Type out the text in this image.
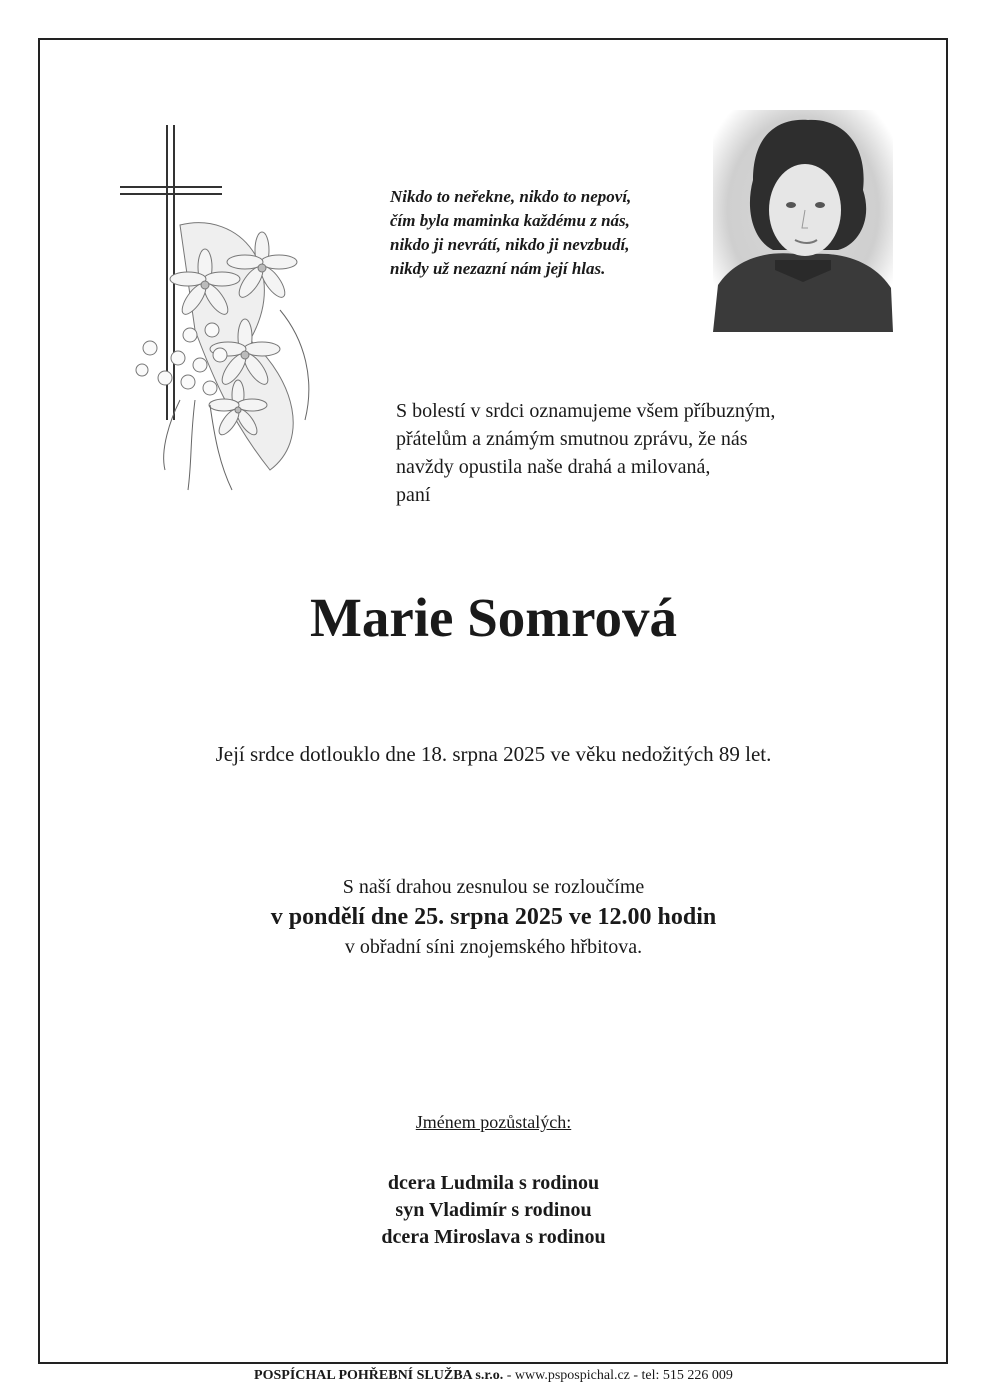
Nikdo to neřekne, nikdo to nepoví,
čím byla maminka každému z nás,
nikdo ji nevrátí, nikdo ji nevzbudí,
nikdy už nezazní nám její hlas.
S bolestí v srdci oznamujeme všem příbuzným,
přátelům a známým smutnou zprávu, že nás
navždy opustila naše drahá a milovaná,
paní
Marie Somrová
Její srdce dotlouklo dne 18. srpna 2025 ve věku nedožitých 89 let.
S naší drahou zesnulou se rozloučíme
v pondělí dne 25. srpna 2025 ve 12.00 hodin
v obřadní síni znojemského hřbitova.
Jménem pozůstalých:
dcera Ludmila s rodinou
syn Vladimír s rodinou
dcera Miroslava s rodinou
POSPÍCHAL POHŘEBNÍ SLUŽBA s.r.o. - www.pspospichal.cz - tel: 515 226 009
